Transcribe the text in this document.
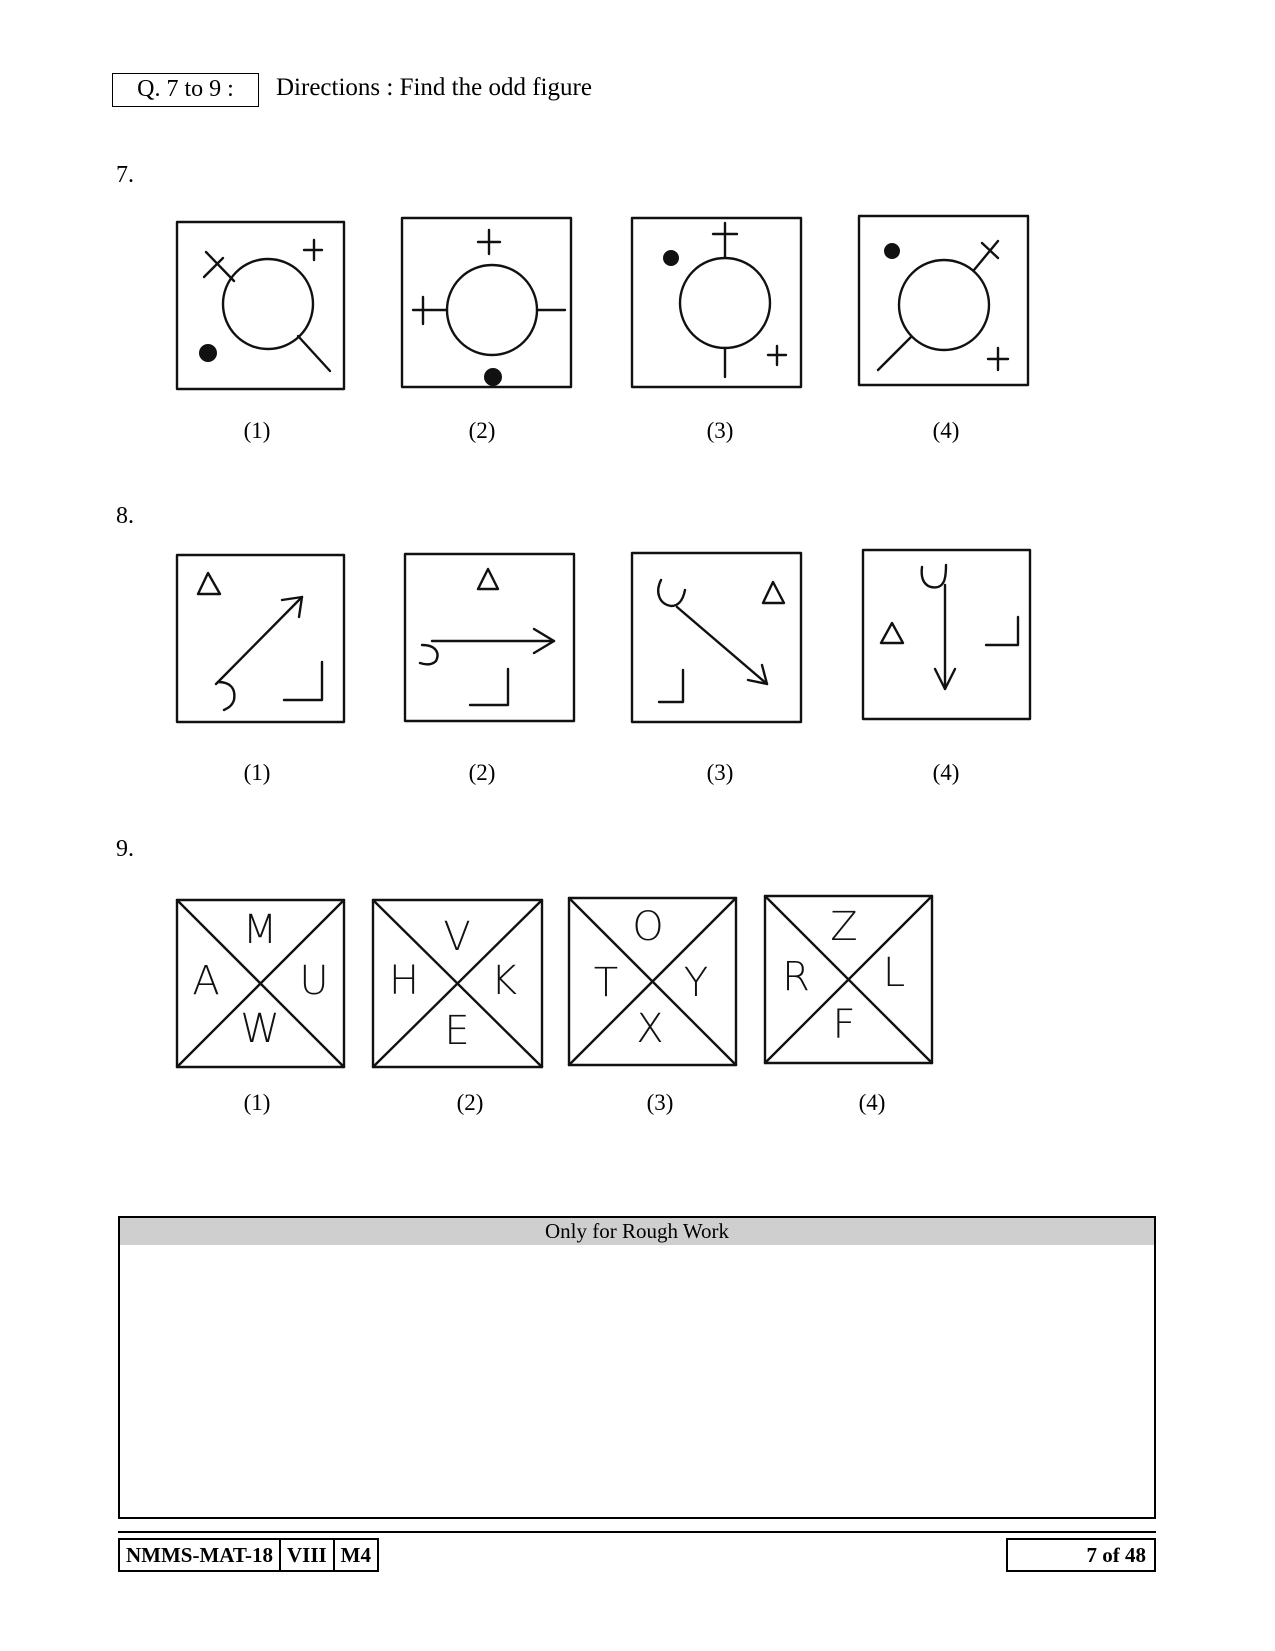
Q. 7 to 9 :	Directions : Find the odd figure
7.
(1)	(2)	(3)	(4)
8.
(1)	(2)	(3)	(4)
9.
M
A U
W
V
H K
E
O
T Y
X
Z
R L
F
(1)	(2)	(3)	(4)
Only for Rough Work
NMMS-MAT-18 VIII M4	7 of 48
